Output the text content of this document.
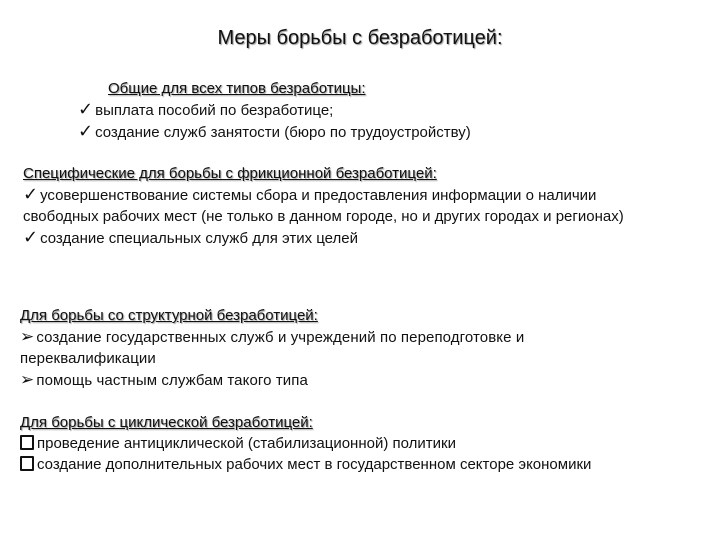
Меры борьбы с безработицей:
Общие для всех типов безработицы:
✓ выплата пособий по безработице;
✓ создание служб занятости (бюро по трудоустройству)
Специфические для борьбы с фрикционной безработицей:
✓ усовершенствование системы сбора и предоставления информации о наличии свободных рабочих мест (не только в данном городе, но и других городах и регионах)
✓ создание специальных служб для этих целей
Для борьбы со структурной безработицей:
➢ создание государственных служб и учреждений по переподготовке и переквалификации
➢ помощь частным службам такого типа
Для борьбы с циклической безработицей:
проведение антициклической (стабилизационной) политики
создание дополнительных рабочих мест в государственном секторе экономики
